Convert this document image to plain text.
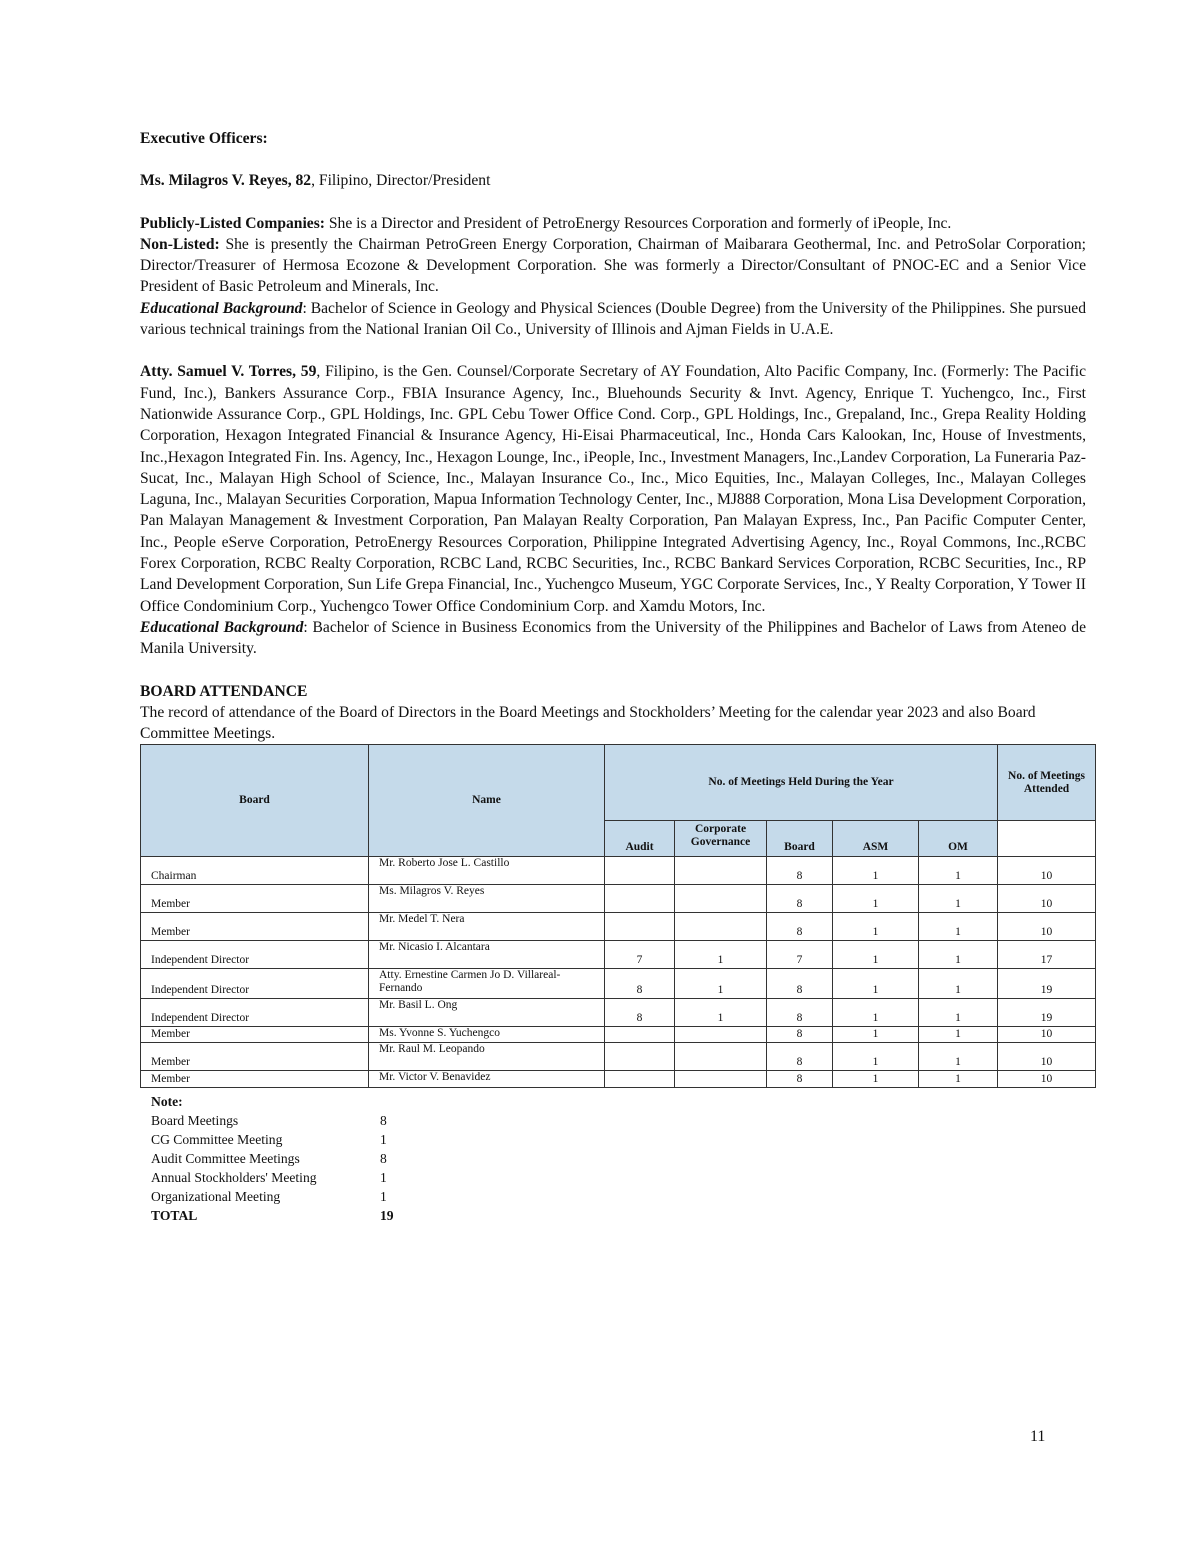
Executive Officers:

Ms. Milagros V. Reyes, 82, Filipino, Director/President

Publicly-Listed Companies: She is a Director and President of PetroEnergy Resources Corporation and formerly of iPeople, Inc.

Non-Listed: She is presently the Chairman PetroGreen Energy Corporation, Chairman of Maibarara Geothermal, Inc. and PetroSolar Corporation; Director/Treasurer of Hermosa Ecozone & Development Corporation. She was formerly a Director/Consultant of PNOC-EC and a Senior Vice President of Basic Petroleum and Minerals, Inc.

Educational Background: Bachelor of Science in Geology and Physical Sciences (Double Degree) from the University of the Philippines. She pursued various technical trainings from the National Iranian Oil Co., University of Illinois and Ajman Fields in U.A.E.

Atty. Samuel V. Torres, 59, Filipino, is the Gen. Counsel/Corporate Secretary of AY Foundation, Alto Pacific Company, Inc. (Formerly: The Pacific Fund, Inc.), Bankers Assurance Corp., FBIA Insurance Agency, Inc., Bluehounds Security & Invt. Agency, Enrique T. Yuchengco, Inc., First Nationwide Assurance Corp., GPL Holdings, Inc. GPL Cebu Tower Office Cond. Corp., GPL Holdings, Inc., Grepaland, Inc., Grepa Reality Holding Corporation, Hexagon Integrated Financial & Insurance Agency, Hi-Eisai Pharmaceutical, Inc., Honda Cars Kalookan, Inc, House of Investments, Inc.,Hexagon Integrated Fin. Ins. Agency, Inc., Hexagon Lounge, Inc., iPeople, Inc., Investment Managers, Inc.,Landev Corporation, La Funeraria Paz-Sucat, Inc., Malayan High School of Science, Inc., Malayan Insurance Co., Inc., Mico Equities, Inc., Malayan Colleges, Inc., Malayan Colleges Laguna, Inc., Malayan Securities Corporation, Mapua Information Technology Center, Inc., MJ888 Corporation, Mona Lisa Development Corporation, Pan Malayan Management & Investment Corporation, Pan Malayan Realty Corporation, Pan Malayan Express, Inc., Pan Pacific Computer Center, Inc., People eServe Corporation, PetroEnergy Resources Corporation, Philippine Integrated Advertising Agency, Inc., Royal Commons, Inc.,RCBC Forex Corporation, RCBC Realty Corporation, RCBC Land, RCBC Securities, Inc., RCBC Bankard Services Corporation, RCBC Securities, Inc., RP Land Development Corporation, Sun Life Grepa Financial, Inc., Yuchengco Museum, YGC Corporate Services, Inc., Y Realty Corporation, Y Tower II Office Condominium Corp., Yuchengco Tower Office Condominium Corp. and Xamdu Motors, Inc.

Educational Background: Bachelor of Science in Business Economics from the University of the Philippines and Bachelor of Laws from Ateneo de Manila University.

BOARD ATTENDANCE

The record of attendance of the Board of Directors in the Board Meetings and Stockholders’ Meeting for the calendar year 2023 and also Board Committee Meetings.

Board	Name	No. of Meetings Held During the Year					No. of Meetings Attended
		Audit	Corporate Governance	Board	ASM	OM	
Chairman	Mr. Roberto Jose L. Castillo			8	1	1	10
Member	Ms. Milagros V. Reyes			8	1	1	10
Member	Mr. Medel T. Nera			8	1	1	10
Independent Director	Mr. Nicasio I. Alcantara	7	1	7	1	1	17
Independent Director	Atty. Ernestine Carmen Jo D. Villareal-Fernando	8	1	8	1	1	19
Independent Director	Mr. Basil L. Ong	8	1	8	1	1	19
Member	Ms. Yvonne S. Yuchengco			8	1	1	10
Member	Mr. Raul M. Leopando			8	1	1	10
Member	Mr. Victor V. Benavidez			8	1	1	10
Note:
Board Meetings	8
CG Committee Meeting	1
Audit Committee Meetings	8
Annual Stockholders' Meeting	1
Organizational Meeting	1
TOTAL	19
11
